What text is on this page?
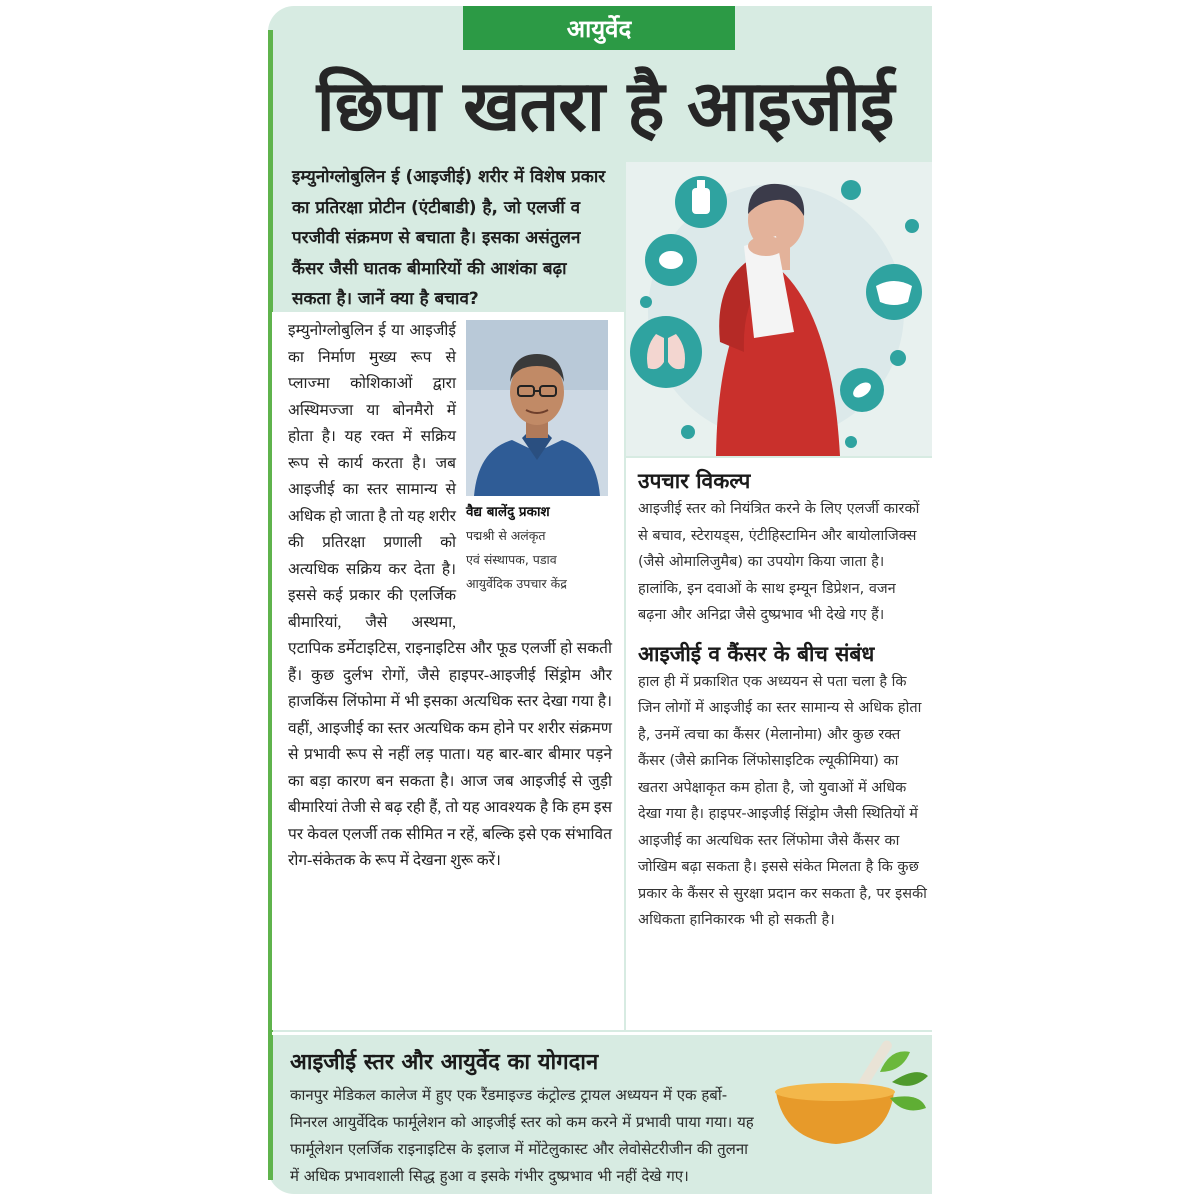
आयुर्वेद
छिपा खतरा है आइजीई
इम्युनोग्लोबुलिन ई (आइजीई) शरीर में विशेष प्रकार का प्रतिरक्षा प्रोटीन (एंटीबाडी) है, जो एलर्जी व परजीवी संक्रमण से बचाता है। इसका असंतुलन कैंसर जैसी घातक बीमारियों की आशंका बढ़ा सकता है। जानें क्या है बचाव?
वैद्य बालेंदु प्रकाश
पद्मश्री से अलंकृत
एवं संस्थापक, पडाव
आयुर्वेदिक उपचार केंद्र

इम्युनोग्लोबुलिन ई या आइजीई का निर्माण मुख्य रूप से प्लाज्मा कोशिकाओं द्वारा अस्थिमज्जा या बोनमैरो में होता है। यह रक्त में सक्रिय रूप से कार्य करता है। जब आइजीई का स्तर सामान्य से अधिक हो जाता है तो यह शरीर की प्रतिरक्षा प्रणाली को अत्यधिक सक्रिय कर देता है। इससे कई प्रकार की एलर्जिक बीमारियां, जैसे अस्थमा, एटापिक डर्मेटाइटिस, राइनाइटिस और फूड एलर्जी हो सकती हैं। कुछ दुर्लभ रोगों, जैसे हाइपर-आइजीई सिंड्रोम और हाजकिंस लिंफोमा में भी इसका अत्यधिक स्तर देखा गया है। वहीं, आइजीई का स्तर अत्यधिक कम होने पर शरीर संक्रमण से प्रभावी रूप से नहीं लड़ पाता। यह बार-बार बीमार पड़ने का बड़ा कारण बन सकता है। आज जब आइजीई से जुड़ी बीमारियां तेजी से बढ़ रही हैं, तो यह आवश्यक है कि हम इस पर केवल एलर्जी तक सीमित न रहें, बल्कि इसे एक संभावित रोग-संकेतक के रूप में देखना शुरू करें।

उपचार विकल्प

आइजीई स्तर को नियंत्रित करने के लिए एलर्जी कारकों से बचाव, स्टेरायड्स, एंटीहिस्टामिन और बायोलाजिक्स (जैसे ओमालिजुमैब) का उपयोग किया जाता है। हालांकि, इन दवाओं के साथ इम्यून डिप्रेशन, वजन बढ़ना और अनिद्रा जैसे दुष्प्रभाव भी देखे गए हैं।

आइजीई व कैंसर के बीच संबंध

हाल ही में प्रकाशित एक अध्ययन से पता चला है कि जिन लोगों में आइजीई का स्तर सामान्य से अधिक होता है, उनमें त्वचा का कैंसर (मेलानोमा) और कुछ रक्त कैंसर (जैसे क्रानिक लिंफोसाइटिक ल्यूकीमिया) का खतरा अपेक्षाकृत कम होता है, जो युवाओं में अधिक देखा गया है। हाइपर-आइजीई सिंड्रोम जैसी स्थितियों में आइजीई का अत्यधिक स्तर लिंफोमा जैसे कैंसर का जोखिम बढ़ा सकता है। इससे संकेत मिलता है कि कुछ प्रकार के कैंसर से सुरक्षा प्रदान कर सकता है, पर इसकी अधिकता हानिकारक भी हो सकती है।

आइजीई स्तर और आयुर्वेद का योगदान

कानपुर मेडिकल कालेज में हुए एक रैंडमाइज्ड कंट्रोल्ड ट्रायल अध्ययन में एक हर्बो-मिनरल आयुर्वेदिक फार्मूलेशन को आइजीई स्तर को कम करने में प्रभावी पाया गया। यह फार्मूलेशन एलर्जिक राइनाइटिस के इलाज में मोंटेलुकास्ट और लेवोसेटरीजीन की तुलना में अधिक प्रभावशाली सिद्ध हुआ व इसके गंभीर दुष्प्रभाव भी नहीं देखे गए।
